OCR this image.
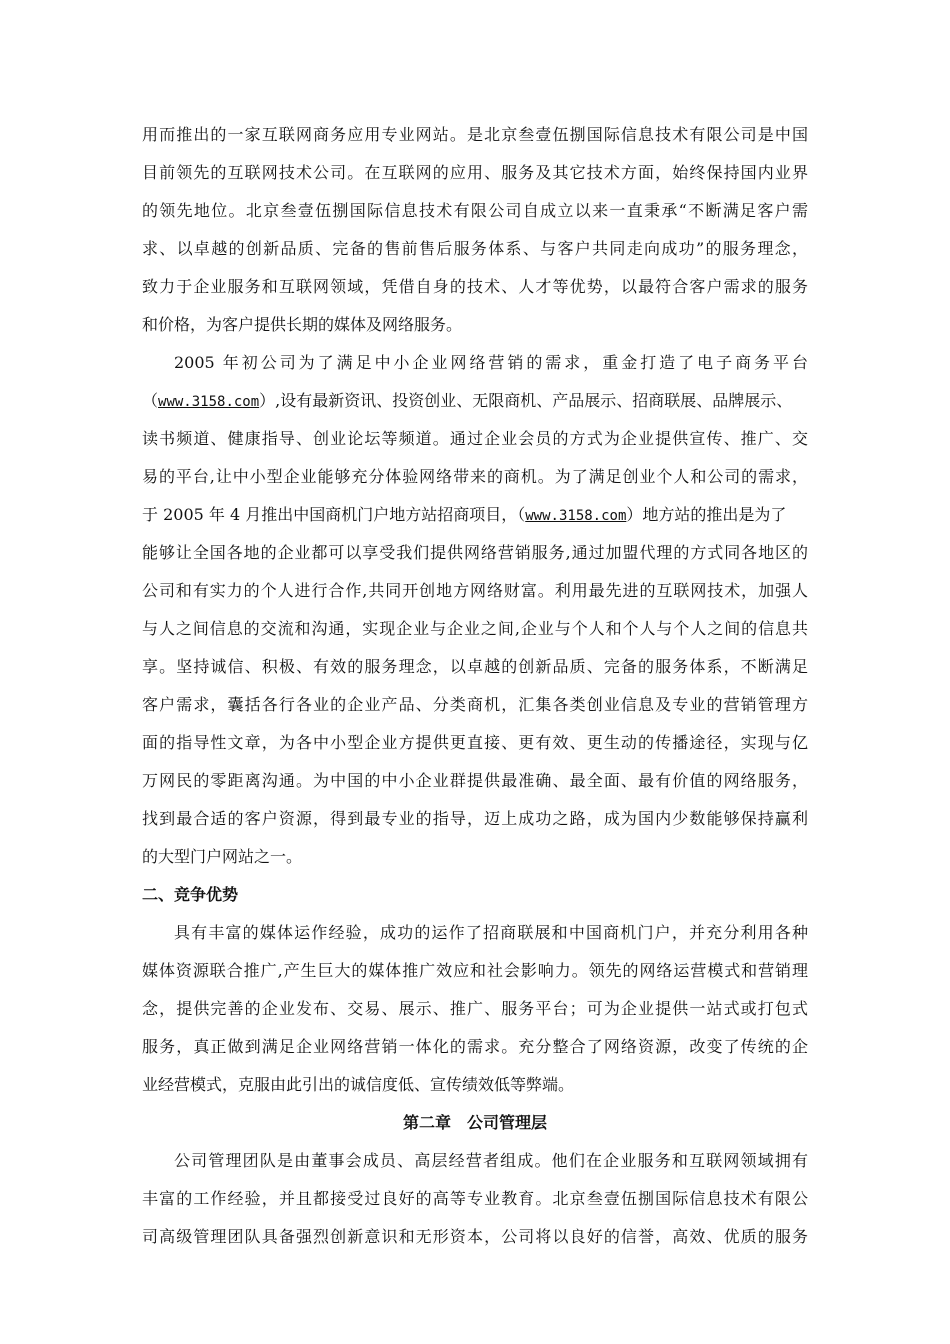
用而推出的一家互联网商务应用专业网站。是北京叁壹伍捌国际信息技术有限公司是中国
目前领先的互联网技术公司。在互联网的应用、服务及其它技术方面，始终保持国内业界
的领先地位。北京叁壹伍捌国际信息技术有限公司自成立以来一直秉承“不断满足客户需
求、以卓越的创新品质、完备的售前售后服务体系、与客户共同走向成功”的服务理念，
致力于企业服务和互联网领域，凭借自身的技术、人才等优势，以最符合客户需求的服务
和价格，为客户提供长期的媒体及网络服务。
2005 年初公司为了满足中小企业网络营销的需求，重金打造了电子商务平台
（www.3158.com）,设有最新资讯、投资创业、无限商机、产品展示、招商联展、品牌展示、
读书频道、健康指导、创业论坛等频道。通过企业会员的方式为企业提供宣传、推广、交
易的平台,让中小型企业能够充分体验网络带来的商机。为了满足创业个人和公司的需求，
于 2005 年 4 月推出中国商机门户地方站招商项目，（www.3158.com）地方站的推出是为了
能够让全国各地的企业都可以享受我们提供网络营销服务,通过加盟代理的方式同各地区的
公司和有实力的个人进行合作,共同开创地方网络财富。利用最先进的互联网技术，加强人
与人之间信息的交流和沟通，实现企业与企业之间,企业与个人和个人与个人之间的信息共
享。坚持诚信、积极、有效的服务理念，以卓越的创新品质、完备的服务体系，不断满足
客户需求，囊括各行各业的企业产品、分类商机，汇集各类创业信息及专业的营销管理方
面的指导性文章，为各中小型企业方提供更直接、更有效、更生动的传播途径，实现与亿
万网民的零距离沟通。为中国的中小企业群提供最准确、最全面、最有价值的网络服务，
找到最合适的客户资源，得到最专业的指导，迈上成功之路，成为国内少数能够保持赢利
的大型门户网站之一。
二、竞争优势
具有丰富的媒体运作经验，成功的运作了招商联展和中国商机门户，并充分利用各种
媒体资源联合推广,产生巨大的媒体推广效应和社会影响力。领先的网络运营模式和营销理
念，提供完善的企业发布、交易、展示、推广、服务平台；可为企业提供一站式或打包式
服务，真正做到满足企业网络营销一体化的需求。充分整合了网络资源，改变了传统的企
业经营模式，克服由此引出的诚信度低、宣传绩效低等弊端。
第二章　公司管理层
公司管理团队是由董事会成员、高层经营者组成。他们在企业服务和互联网领域拥有
丰富的工作经验，并且都接受过良好的高等专业教育。北京叁壹伍捌国际信息技术有限公
司高级管理团队具备强烈创新意识和无形资本，公司将以良好的信誉，高效、优质的服务
